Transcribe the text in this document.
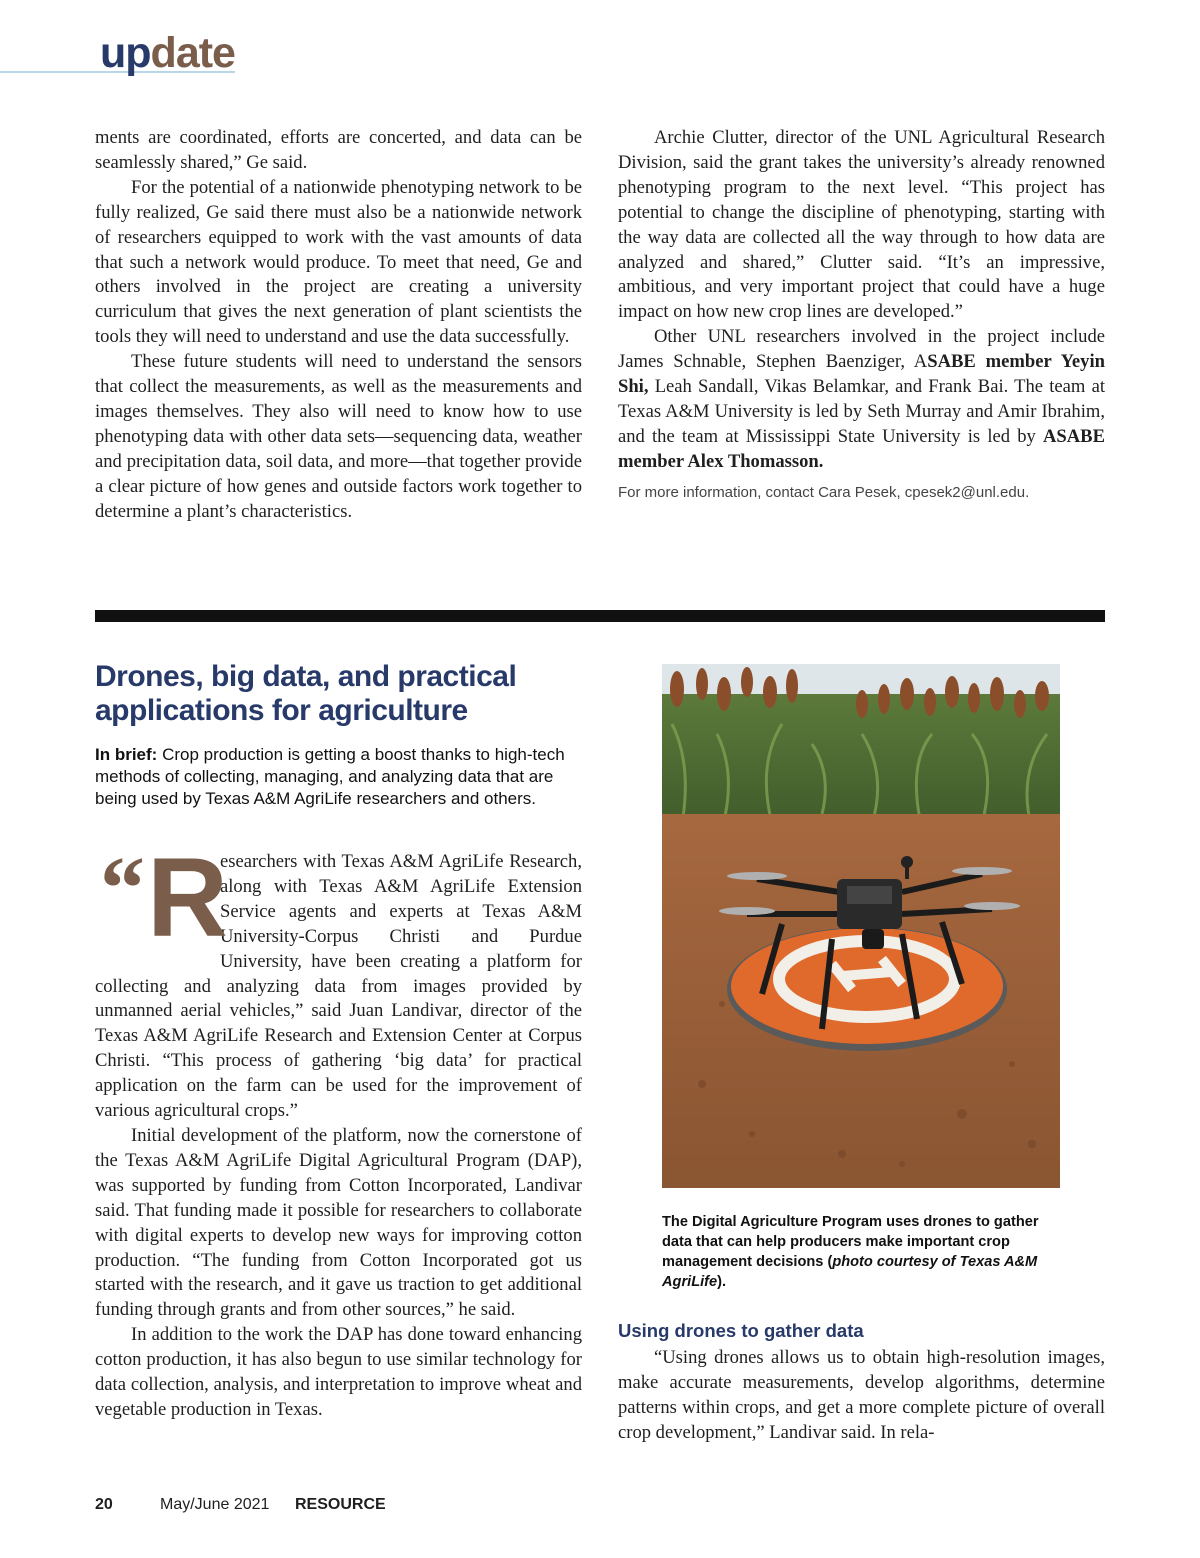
update

ments are coordinated, efforts are concerted, and data can be seamlessly shared,” Ge said.

For the potential of a nationwide phenotyping network to be fully realized, Ge said there must also be a nationwide network of researchers equipped to work with the vast amounts of data that such a network would produce. To meet that need, Ge and others involved in the project are creating a university curriculum that gives the next generation of plant scientists the tools they will need to understand and use the data successfully.

These future students will need to understand the sensors that collect the measurements, as well as the measurements and images themselves. They also will need to know how to use phenotyping data with other data sets—sequencing data, weather and precipitation data, soil data, and more—that together provide a clear picture of how genes and outside factors work together to determine a plant’s characteristics.

Archie Clutter, director of the UNL Agricultural Research Division, said the grant takes the university’s already renowned phenotyping program to the next level. “This project has potential to change the discipline of phenotyping, starting with the way data are collected all the way through to how data are analyzed and shared,” Clutter said. “It’s an impressive, ambitious, and very important project that could have a huge impact on how new crop lines are developed.”

Other UNL researchers involved in the project include James Schnable, Stephen Baenziger, ASABE member Yeyin Shi, Leah Sandall, Vikas Belamkar, and Frank Bai. The team at Texas A&M University is led by Seth Murray and Amir Ibrahim, and the team at Mississippi State University is led by ASABE member Alex Thomasson.

For more information, contact Cara Pesek, cpesek2@unl.edu.

Drones, big data, and practical applications for agriculture

In brief: Crop production is getting a boost thanks to high-tech methods of collecting, managing, and analyzing data that are being used by Texas A&M AgriLife researchers and others.

“ R

esearchers with Texas A&M AgriLife Research, along with Texas A&M AgriLife Extension Service agents and experts at Texas A&M University-Corpus Christi and Purdue University, have been creating a platform for collecting and analyzing data from images provided by unmanned aerial vehicles,” said Juan Landivar, director of the Texas A&M AgriLife Research and Extension Center at Corpus Christi. “This process of gathering ‘big data’ for practical application on the farm can be used for the improvement of various agricultural crops.”

Initial development of the platform, now the cornerstone of the Texas A&M AgriLife Digital Agricultural Program (DAP), was supported by funding from Cotton Incorporated, Landivar said. That funding made it possible for researchers to collaborate with digital experts to develop new ways for improving cotton production. “The funding from Cotton Incorporated got us started with the research, and it gave us traction to get additional funding through grants and from other sources,” he said.

In addition to the work the DAP has done toward enhancing cotton production, it has also begun to use similar technology for data collection, analysis, and interpretation to improve wheat and vegetable production in Texas.

The Digital Agriculture Program uses drones to gather data that can help producers make important crop management decisions (photo courtesy of Texas A&M AgriLife).

Using drones to gather data

“Using drones allows us to obtain high-resolution images, make accurate measurements, develop algorithms, determine patterns within crops, and get a more complete picture of overall crop development,” Landivar said. In rela-

20	May/June 2021 RESOURCE
